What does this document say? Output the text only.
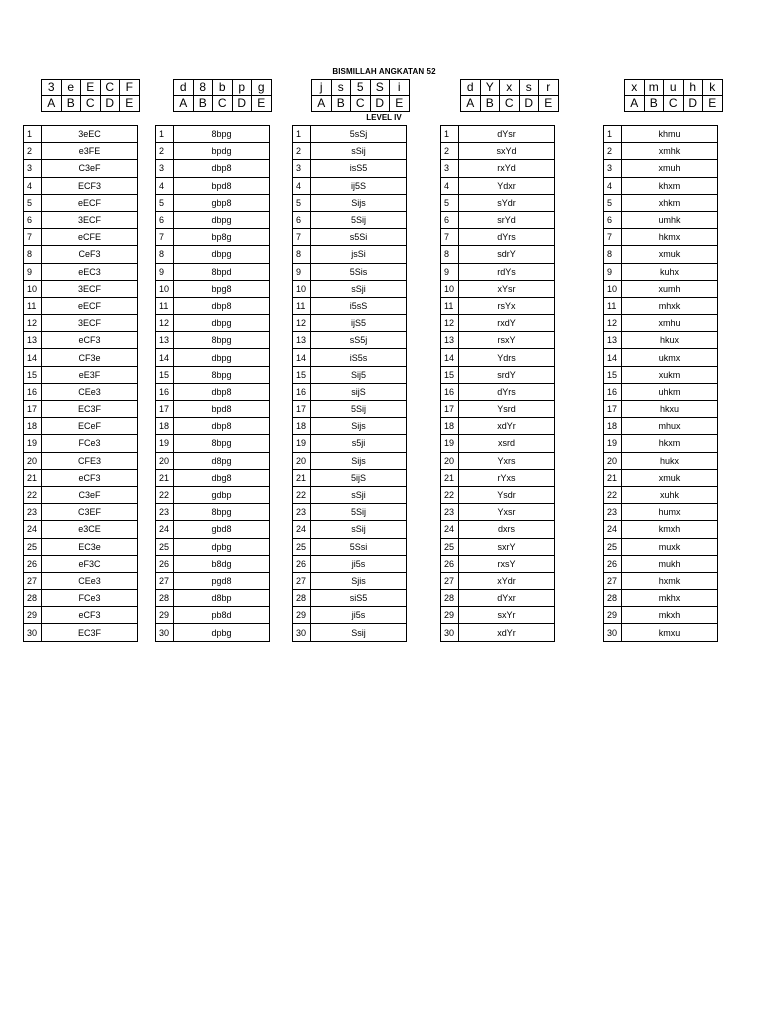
BISMILLAH ANGKATAN 52
LEVEL IV
3	e	E	C	F
A	B	C	D	E
1	3eEC
2	e3FE
3	C3eF
4	ECF3
5	eECF
6	3ECF
7	eCFE
8	CeF3
9	eEC3
10	3ECF
11	eECF
12	3ECF
13	eCF3
14	CF3e
15	eE3F
16	CEe3
17	EC3F
18	ECeF
19	FCe3
20	CFE3
21	eCF3
22	C3eF
23	C3EF
24	e3CE
25	EC3e
26	eF3C
27	CEe3
28	FCe3
29	eCF3
30	EC3F
d	8	b	p	g
A	B	C	D	E
1	8bpg
2	bpdg
3	dbp8
4	bpd8
5	gbp8
6	dbpg
7	bp8g
8	dbpg
9	8bpd
10	bpg8
11	dbp8
12	dbpg
13	8bpg
14	dbpg
15	8bpg
16	dbp8
17	bpd8
18	dbp8
19	8bpg
20	d8pg
21	dbg8
22	gdbp
23	8bpg
24	gbd8
25	dpbg
26	b8dg
27	pgd8
28	d8bp
29	pb8d
30	dpbg
j	s	5	S	i
A	B	C	D	E
1	5sSj
2	sSij
3	isS5
4	ij5S
5	Sijs
6	5Sij
7	s5Si
8	jsSi
9	5Sis
10	sSji
11	i5sS
12	ijS5
13	sS5j
14	iS5s
15	Sij5
16	sijS
17	5Sij
18	Sijs
19	s5ji
20	Sijs
21	5ijS
22	sSji
23	5Sij
24	sSij
25	5Ssi
26	ji5s
27	Sjis
28	siS5
29	ji5s
30	Ssij
d	Y	x	s	r
A	B	C	D	E
1	dYsr
2	sxYd
3	rxYd
4	Ydxr
5	sYdr
6	srYd
7	dYrs
8	sdrY
9	rdYs
10	xYsr
11	rsYx
12	rxdY
13	rsxY
14	Ydrs
15	srdY
16	dYrs
17	Ysrd
18	xdYr
19	xsrd
20	Yxrs
21	rYxs
22	Ysdr
23	Yxsr
24	dxrs
25	sxrY
26	rxsY
27	xYdr
28	dYxr
29	sxYr
30	xdYr
x	m	u	h	k
A	B	C	D	E
1	khmu
2	xmhk
3	xmuh
4	khxm
5	xhkm
6	umhk
7	hkmx
8	xmuk
9	kuhx
10	xumh
11	mhxk
12	xmhu
13	hkux
14	ukmx
15	xukm
16	uhkm
17	hkxu
18	mhux
19	hkxm
20	hukx
21	xmuk
22	xuhk
23	humx
24	kmxh
25	muxk
26	mukh
27	hxmk
28	mkhx
29	mkxh
30	kmxu
